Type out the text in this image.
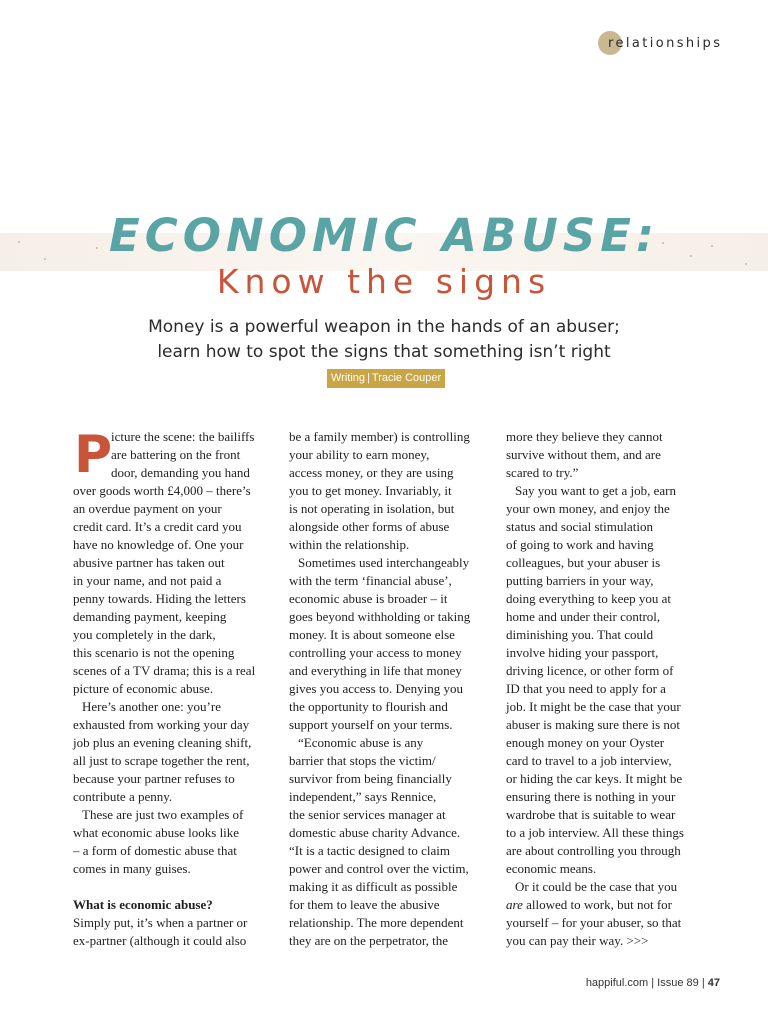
relationships
ECONOMIC ABUSE:
Know the signs
Money is a powerful weapon in the hands of an abuser;
learn how to spot the signs that something isn’t right
Writing | Tracie Couper
P

icture the scene: the bailiffs

are battering on the front

door, demanding you hand

over goods worth £4,000 – there’s

an overdue payment on your

credit card. It’s a credit card you

have no knowledge of. One your

abusive partner has taken out

in your name, and not paid a

penny towards. Hiding the letters

demanding payment, keeping

you completely in the dark,

this scenario is not the opening

scenes of a TV drama; this is a real

picture of economic abuse.

Here’s another one: you’re

exhausted from working your day

job plus an evening cleaning shift,

all just to scrape together the rent,

because your partner refuses to

contribute a penny.

These are just two examples of

what economic abuse looks like

– a form of domestic abuse that

comes in many guises.

What is economic abuse?

Simply put, it’s when a partner or

ex-partner (although it could also

be a family member) is controlling

your ability to earn money,

access money, or they are using

you to get money. Invariably, it

is not operating in isolation, but

alongside other forms of abuse

within the relationship.

Sometimes used interchangeably

with the term ‘financial abuse’,

economic abuse is broader – it

goes beyond withholding or taking

money. It is about someone else

controlling your access to money

and everything in life that money

gives you access to. Denying you

the opportunity to flourish and

support yourself on your terms.

“Economic abuse is any

barrier that stops the victim/

survivor from being financially

independent,” says Rennice,

the senior services manager at

domestic abuse charity Advance.

“It is a tactic designed to claim

power and control over the victim,

making it as difficult as possible

for them to leave the abusive

relationship. The more dependent

they are on the perpetrator, the

more they believe they cannot

survive without them, and are

scared to try.”

Say you want to get a job, earn

your own money, and enjoy the

status and social stimulation

of going to work and having

colleagues, but your abuser is

putting barriers in your way,

doing everything to keep you at

home and under their control,

diminishing you. That could

involve hiding your passport,

driving licence, or other form of

ID that you need to apply for a

job. It might be the case that your

abuser is making sure there is not

enough money on your Oyster

card to travel to a job interview,

or hiding the car keys. It might be

ensuring there is nothing in your

wardrobe that is suitable to wear

to a job interview. All these things

are about controlling you through

economic means.

Or it could be the case that you

are allowed to work, but not for

yourself – for your abuser, so that

you can pay their way. >>>

happiful.com | Issue 89 | 47
